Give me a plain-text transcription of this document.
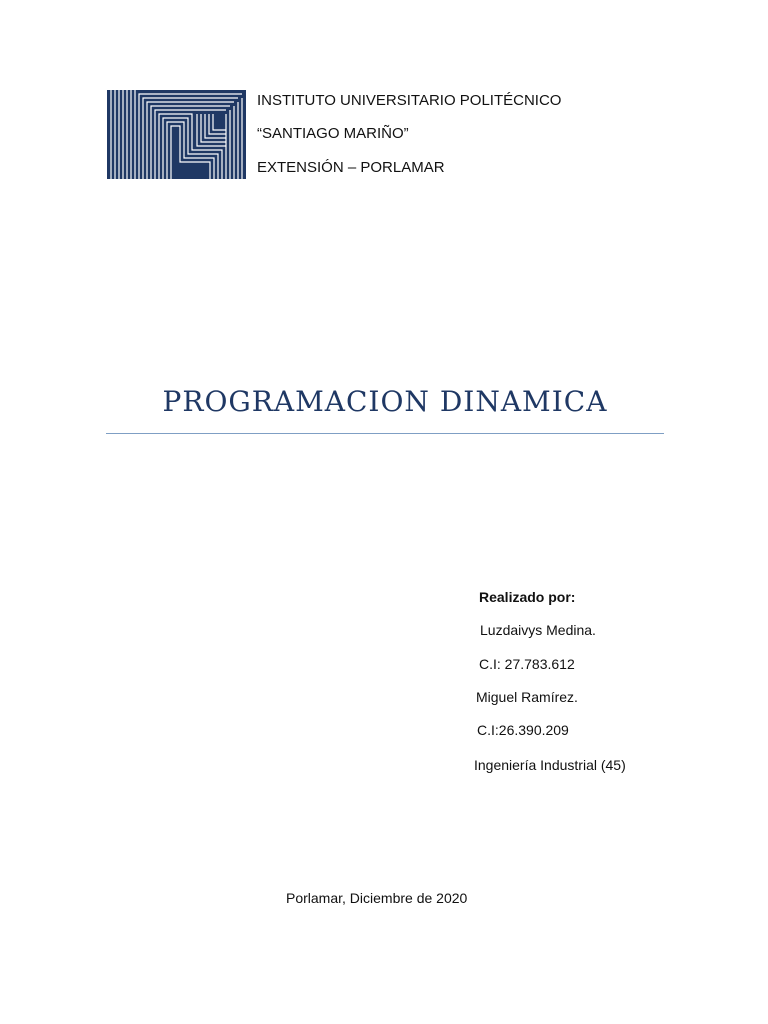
INSTITUTO UNIVERSITARIO POLITÉCNICO
“SANTIAGO MARIÑO”
EXTENSIÓN – PORLAMAR
PROGRAMACION DINAMICA
Realizado por:
Luzdaivys Medina.
C.I: 27.783.612
Miguel Ramírez.
C.I:26.390.209
Ingeniería Industrial (45)
Porlamar, Diciembre de 2020
